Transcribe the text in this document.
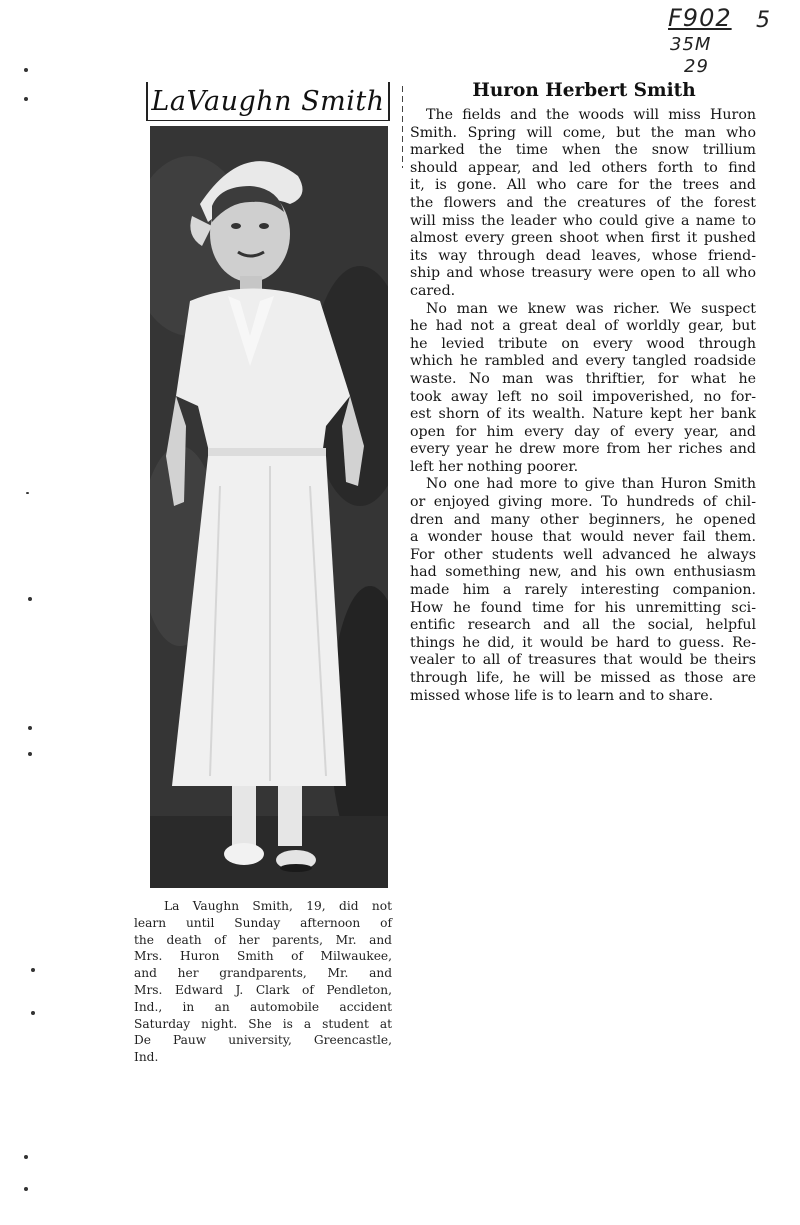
F902 5
35M
29
LaVaughn Smith
La Vaughn Smith, 19, did not
learn until Sunday afternoon of
the death of her parents, Mr. and
Mrs. Huron Smith of Milwaukee,
and her grandparents, Mr. and
Mrs. Edward J. Clark of Pendleton,
Ind., in an automobile accident
Saturday night. She is a student at
De Pauw university, Greencastle,
Ind.
Huron Herbert Smith

The fields and the woods will miss Huron
Smith. Spring will come, but the man who
marked the time when the snow trillium
should appear, and led others forth to find
it, is gone. All who care for the trees and
the flowers and the creatures of the forest
will miss the leader who could give a name to
almost every green shoot when first it pushed
its way through dead leaves, whose friend-
ship and whose treasury were open to all who
cared.

No man we knew was richer. We suspect
he had not a great deal of worldly gear, but
he levied tribute on every wood through
which he rambled and every tangled roadside
waste. No man was thriftier, for what he
took away left no soil impoverished, no for-
est shorn of its wealth. Nature kept her bank
open for him every day of every year, and
every year he drew more from her riches and
left her nothing poorer.

No one had more to give than Huron Smith
or enjoyed giving more. To hundreds of chil-
dren and many other beginners, he opened
a wonder house that would never fail them.
For other students well advanced he always
had something new, and his own enthusiasm
made him a rarely interesting companion.
How he found time for his unremitting sci-
entific research and all the social, helpful
things he did, it would be hard to guess. Re-
vealer to all of treasures that would be theirs
through life, he will be missed as those are
missed whose life is to learn and to share.
